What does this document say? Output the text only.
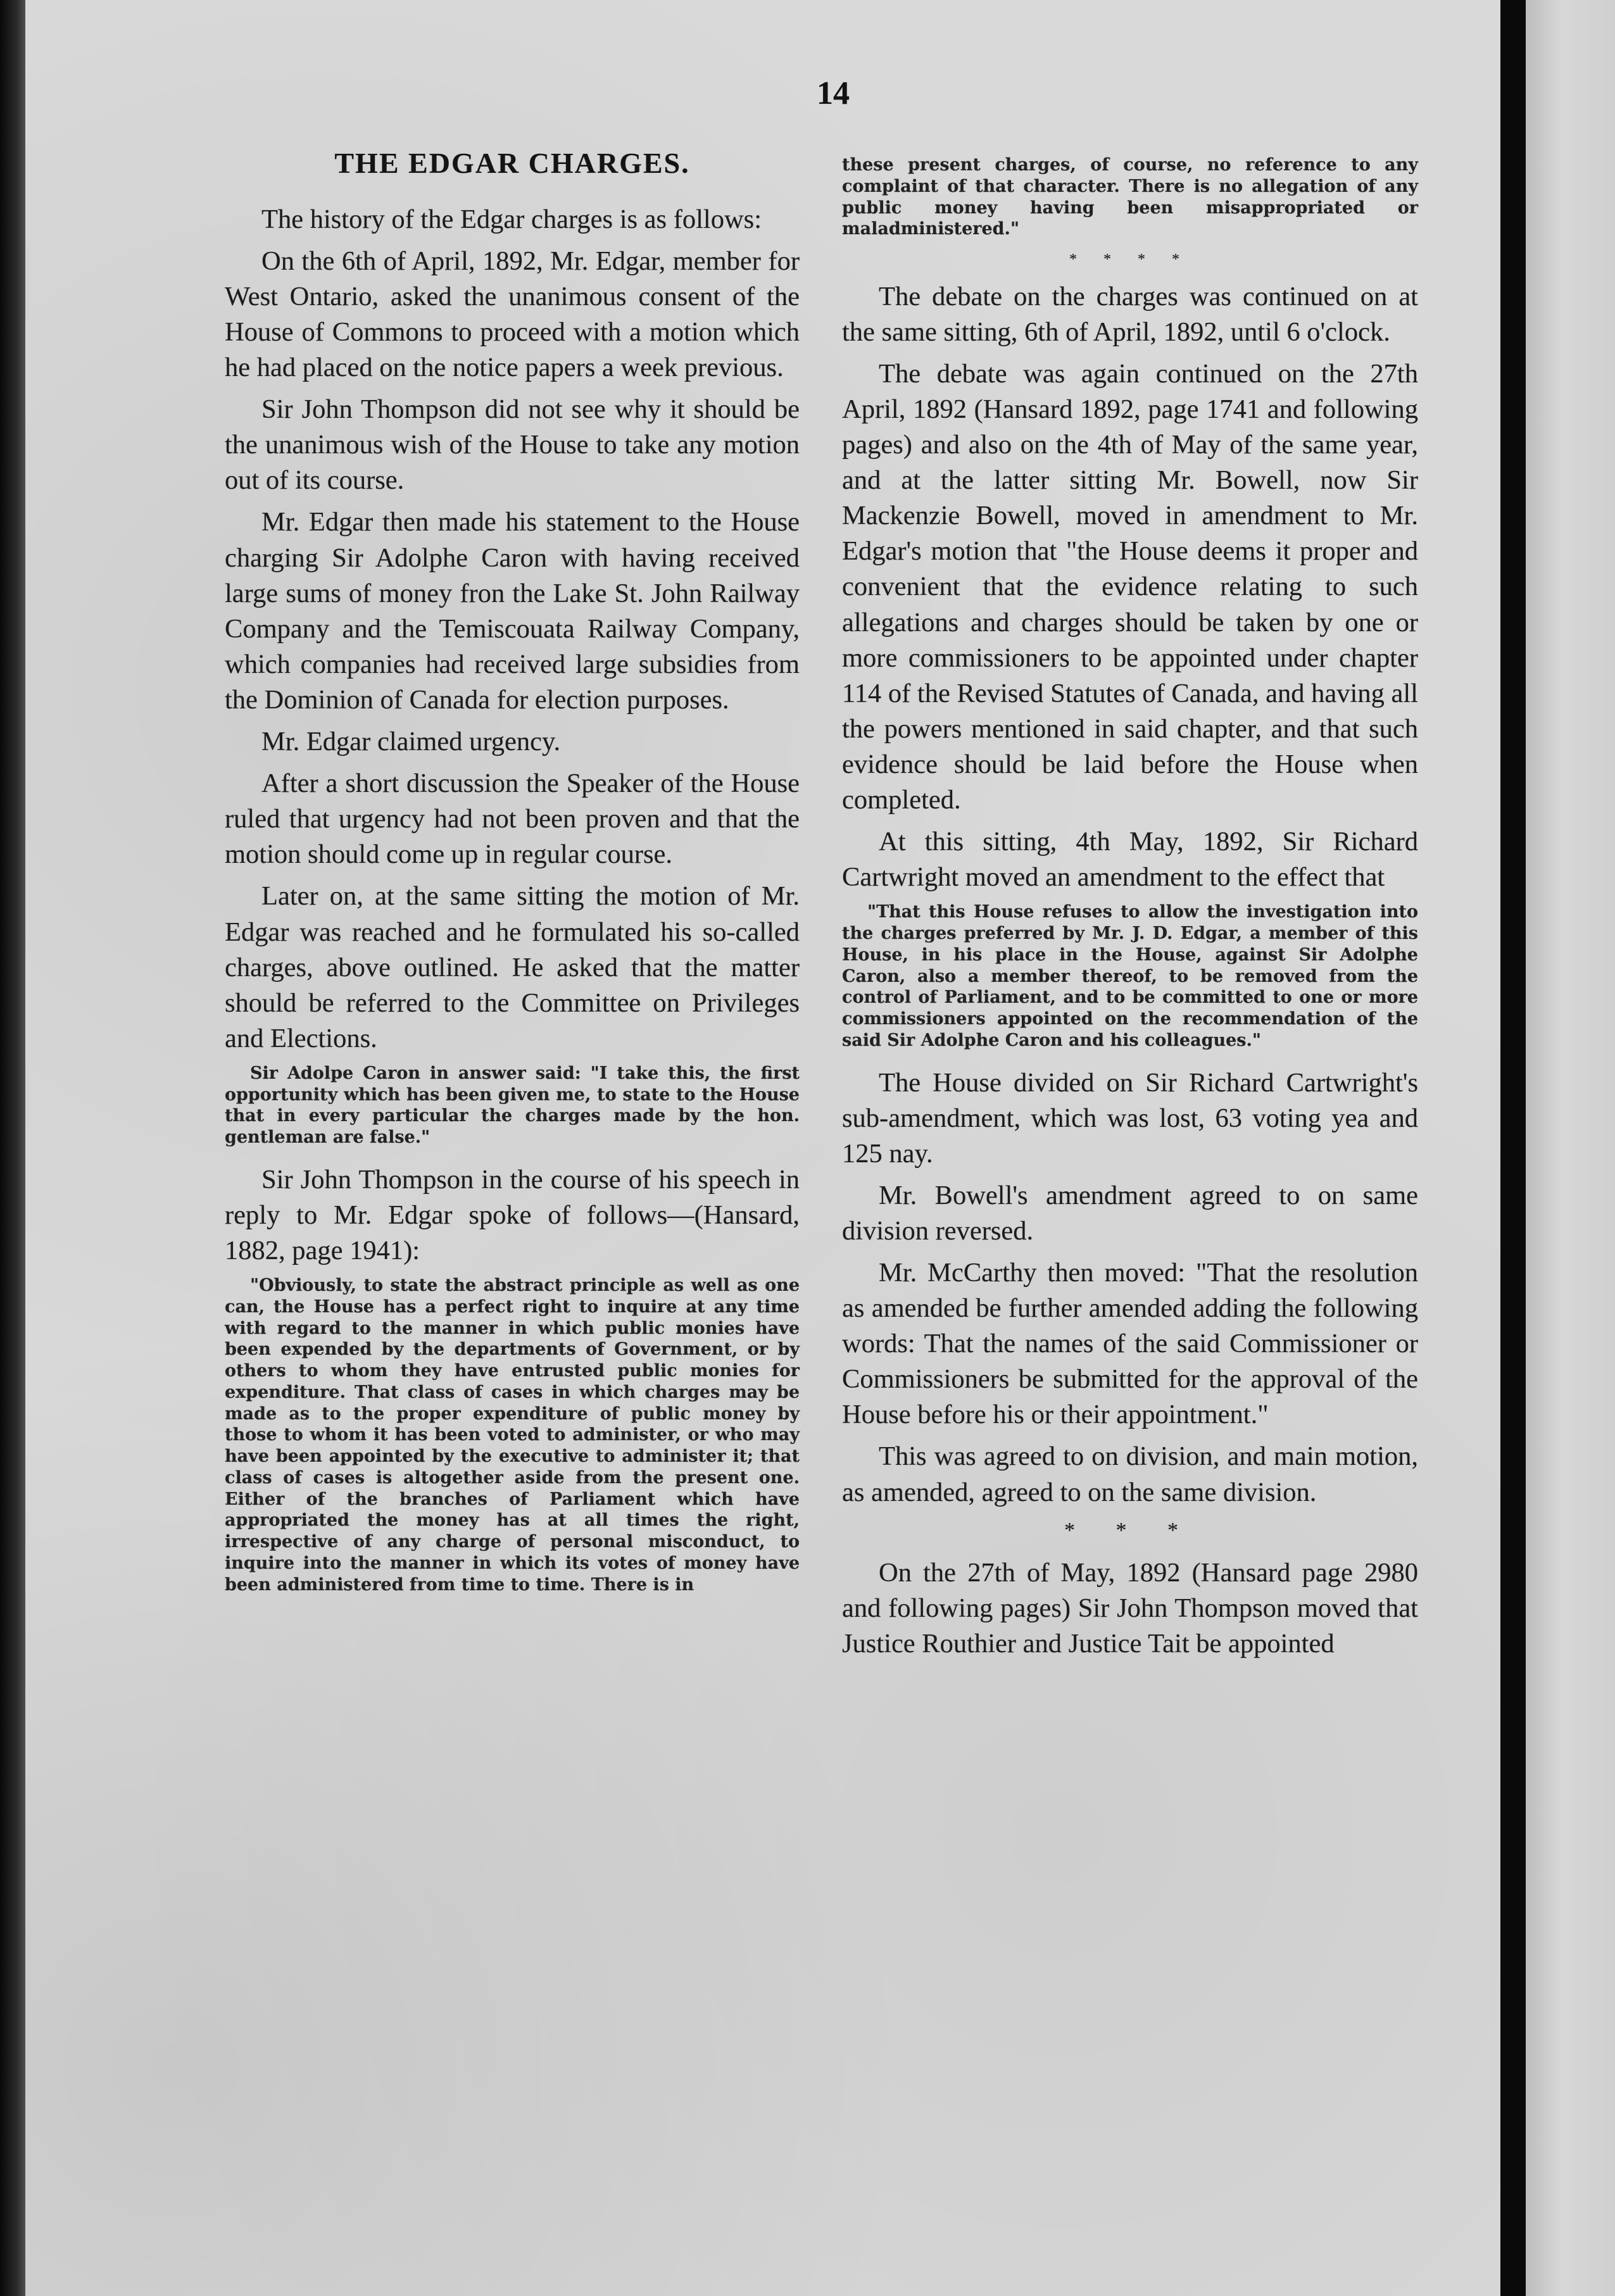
14
THE EDGAR CHARGES.

The history of the Edgar charges is as follows:

On the 6th of April, 1892, Mr. Edgar, member for West Ontario, asked the unanimous consent of the House of Commons to proceed with a motion which he had placed on the notice papers a week previous.

Sir John Thompson did not see why it should be the unanimous wish of the House to take any motion out of its course.

Mr. Edgar then made his statement to the House charging Sir Adolphe Caron with having received large sums of money fron the Lake St. John Railway Company and the Temiscouata Railway Company, which companies had received large subsidies from the Dominion of Canada for election purposes.

Mr. Edgar claimed urgency.

After a short discussion the Speaker of the House ruled that urgency had not been proven and that the motion should come up in regular course.

Later on, at the same sitting the motion of Mr. Edgar was reached and he formulated his so-called charges, above outlined. He asked that the matter should be referred to the Committee on Privileges and Elections.

Sir Adolpe Caron in answer said: "I take this, the first opportunity which has been given me, to state to the House that in every particular the charges made by the hon. gentleman are false."

Sir John Thompson in the course of his speech in reply to Mr. Edgar spoke of follows—(Hansard, 1882, page 1941):

"Obviously, to state the abstract principle as well as one can, the House has a perfect right to inquire at any time with regard to the manner in which public monies have been expended by the departments of Government, or by others to whom they have entrusted public monies for expenditure. That class of cases in which charges may be made as to the proper expenditure of public money by those to whom it has been voted to administer, or who may have been appointed by the executive to administer it; that class of cases is altogether aside from the present one. Either of the branches of Parliament which have appropriated the money has at all times the right, irrespective of any charge of personal misconduct, to inquire into the manner in which its votes of money have been administered from time to time. There is in

these present charges, of course, no reference to any complaint of that character. There is no allegation of any public money having been misappropriated or maladministered."

* * * *

The debate on the charges was continued on at the same sitting, 6th of April, 1892, until 6 o'clock.

The debate was again continued on the 27th April, 1892 (Hansard 1892, page 1741 and following pages) and also on the 4th of May of the same year, and at the latter sitting Mr. Bowell, now Sir Mackenzie Bowell, moved in amendment to Mr. Edgar's motion that "the House deems it proper and convenient that the evidence relating to such allegations and charges should be taken by one or more commissioners to be appointed under chapter 114 of the Revised Statutes of Canada, and having all the powers mentioned in said chapter, and that such evidence should be laid before the House when completed.

At this sitting, 4th May, 1892, Sir Richard Cartwright moved an amendment to the effect that

"That this House refuses to allow the investigation into the charges preferred by Mr. J. D. Edgar, a member of this House, in his place in the House, against Sir Adolphe Caron, also a member thereof, to be removed from the control of Parliament, and to be committed to one or more commissioners appointed on the recommendation of the said Sir Adolphe Caron and his colleagues."

The House divided on Sir Richard Cartwright's sub-amendment, which was lost, 63 voting yea and 125 nay.

Mr. Bowell's amendment agreed to on same division reversed.

Mr. McCarthy then moved: "That the resolution as amended be further amended adding the following words: That the names of the said Commissioner or Commissioners be submitted for the approval of the House before his or their appointment."

This was agreed to on division, and main motion, as amended, agreed to on the same division.

* * *

On the 27th of May, 1892 (Hansard page 2980 and following pages) Sir John Thompson moved that Justice Routhier and Justice Tait be appointed
